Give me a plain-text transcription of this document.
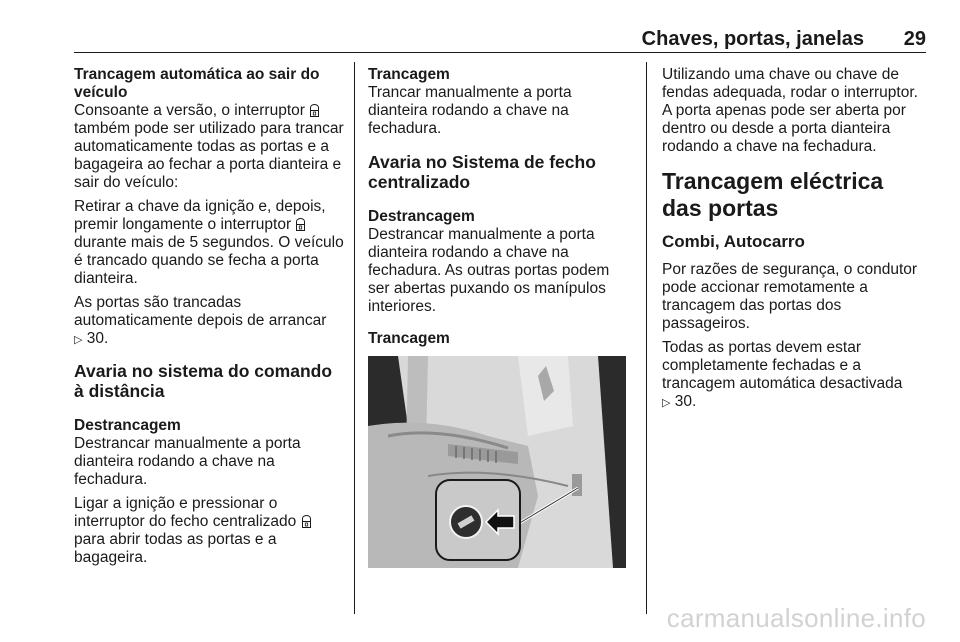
Chaves, portas, janelas 29
Trancagem automática ao sair do veículo

Consoante a versão, o interruptor  também pode ser utilizado para trancar automaticamente todas as portas e a bagageira ao fechar a porta dianteira e sair do veículo:

Retirar a chave da ignição e, depois, premir longamente o interruptor  durante mais de 5 segundos. O veículo é trancado quando se fecha a porta dianteira.

As portas são trancadas automaticamente depois de arrancar
▷ 30.

Avaria no sistema do comando à distância
Destrancagem

Destrancar manualmente a porta dianteira rodando a chave na fechadura.

Ligar a ignição e pressionar o interruptor do fecho centralizado  para abrir todas as portas e a bagageira.

Trancagem

Trancar manualmente a porta dianteira rodando a chave na fechadura.

Avaria no Sistema de fecho centralizado
Destrancagem

Destrancar manualmente a porta dianteira rodando a chave na fechadura. As outras portas podem ser abertas puxando os manípulos interiores.

Trancagem

Utilizando uma chave ou chave de fendas adequada, rodar o interruptor. A porta apenas pode ser aberta por dentro ou desde a porta dianteira rodando a chave na fechadura.

Trancagem eléctrica das portas
Combi, Autocarro

Por razões de segurança, o condutor pode accionar remotamente a trancagem das portas dos passageiros.

Todas as portas devem estar completamente fechadas e a trancagem automática desactivada
▷ 30.

carmanualsonline.info
